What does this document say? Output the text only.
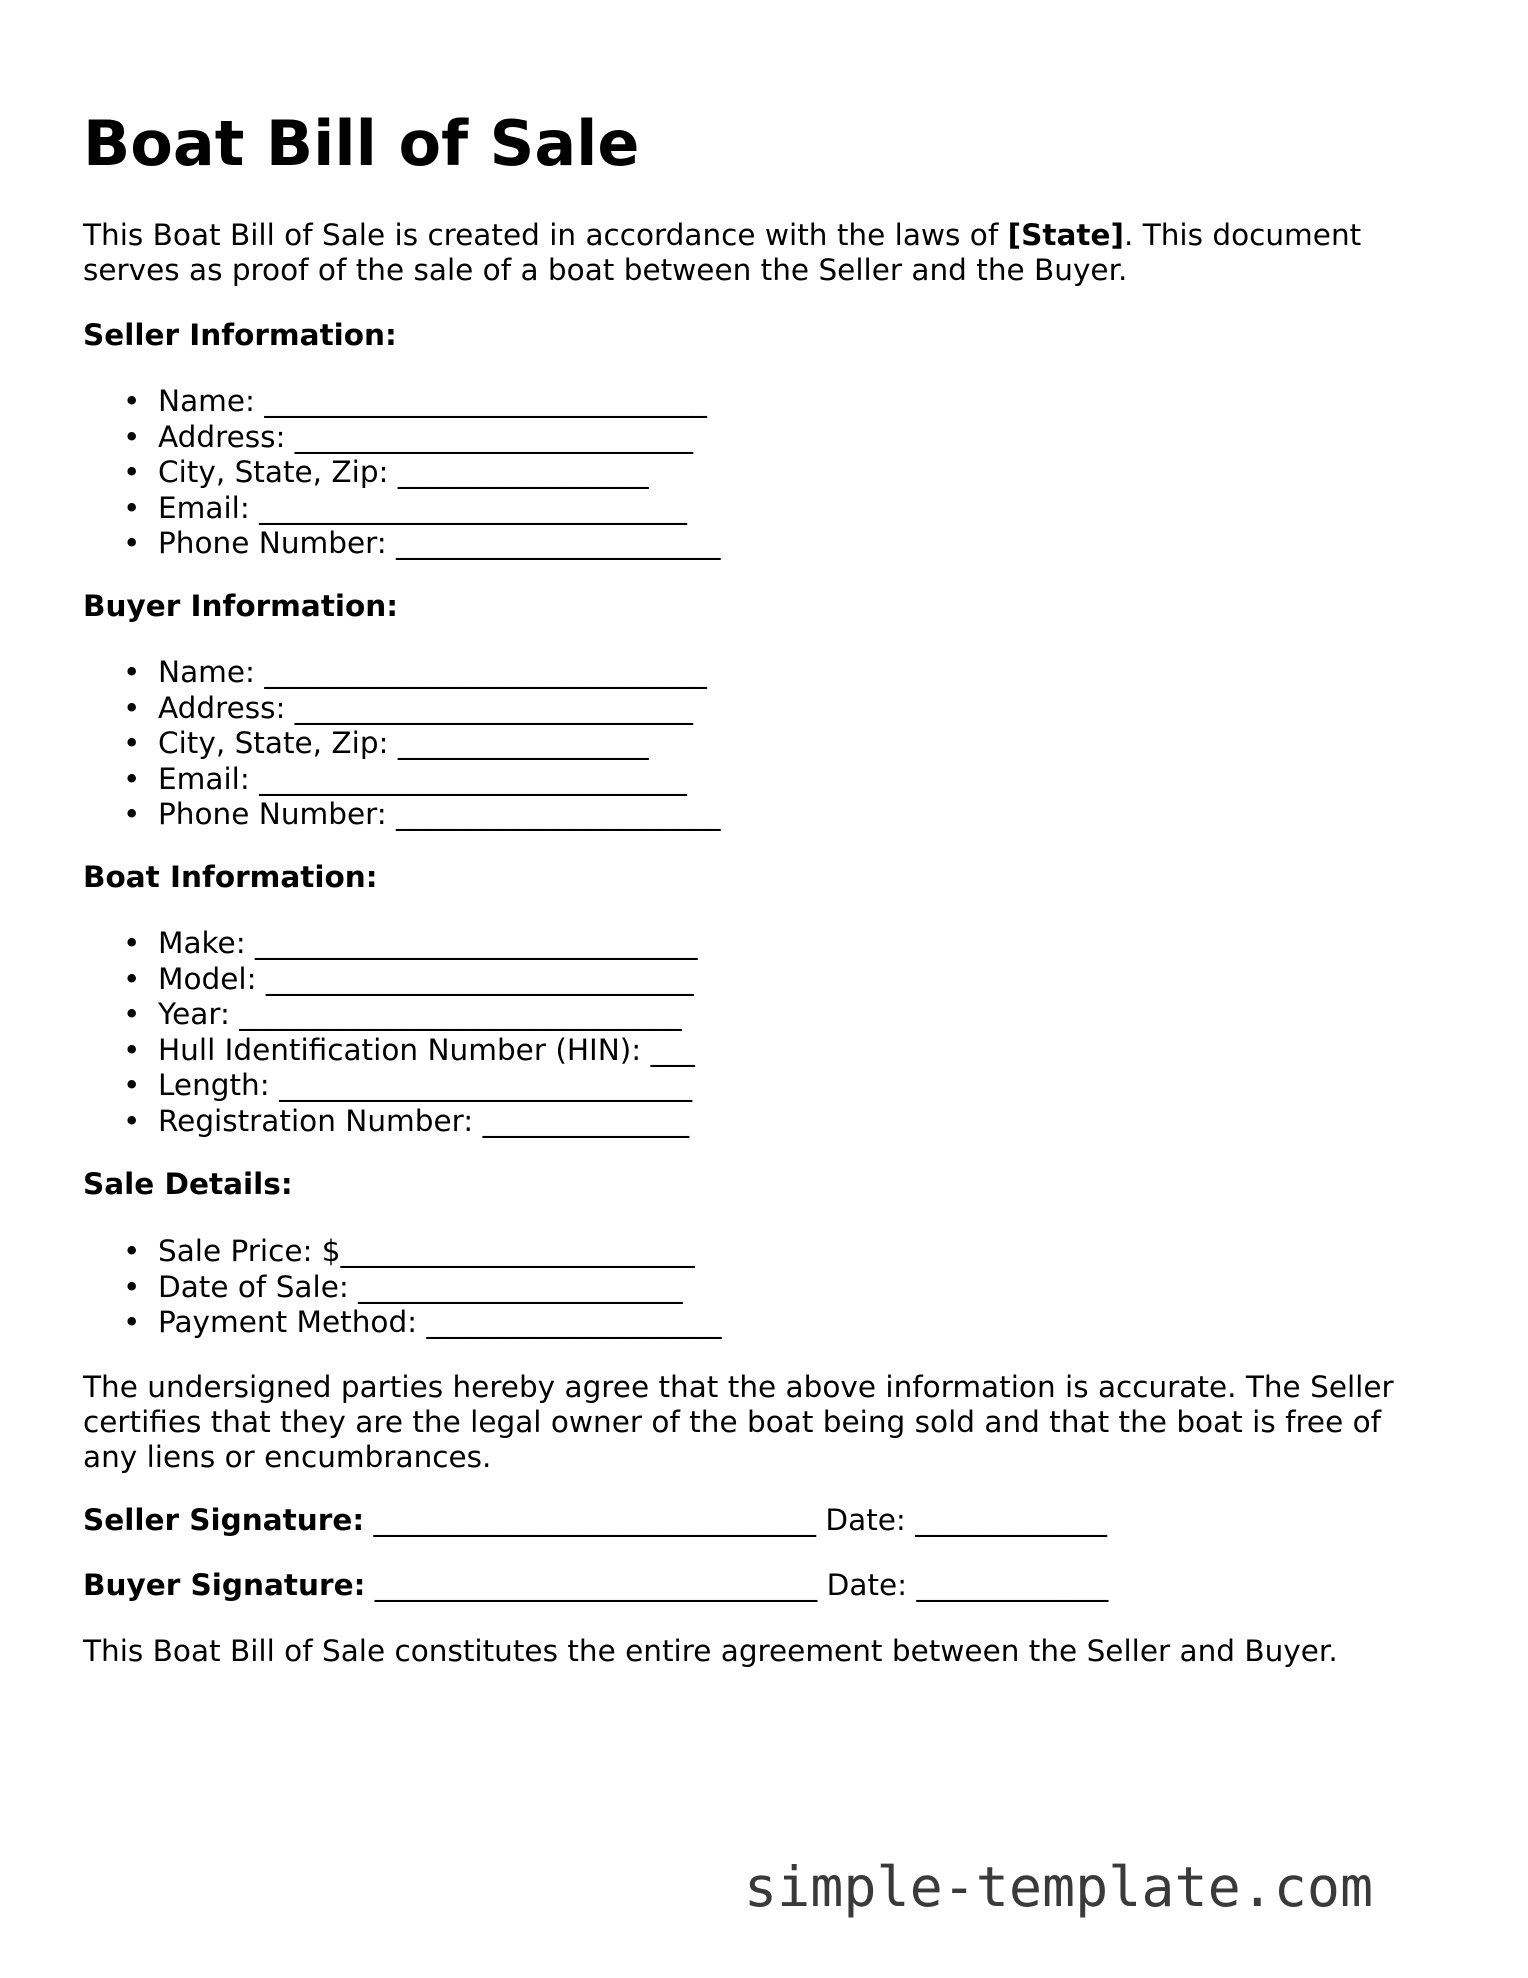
Boat Bill of Sale
This Boat Bill of Sale is created in accordance with the laws of [State]. This document serves as proof of the sale of a boat between the Seller and the Buyer.
Seller Information:
• Name: ______________________________
• Address: ___________________________
• City, State, Zip: _________________
• Email: _____________________________
• Phone Number: ______________________
Buyer Information:
• Name: ______________________________
• Address: ___________________________
• City, State, Zip: _________________
• Email: _____________________________
• Phone Number: ______________________
Boat Information:
• Make: ______________________________
• Model: _____________________________
• Year: ______________________________
• Hull Identification Number (HIN): ___
• Length: ____________________________
• Registration Number: ______________
Sale Details:
• Sale Price: $________________________
• Date of Sale: ______________________
• Payment Method: ____________________
The undersigned parties hereby agree that the above information is accurate. The Seller certifies that they are the legal owner of the boat being sold and that the boat is free of any liens or encumbrances.
Seller Signature: ______________________________ Date: _____________
Buyer Signature: ______________________________ Date: _____________
This Boat Bill of Sale constitutes the entire agreement between the Seller and Buyer.
simple-template.com
